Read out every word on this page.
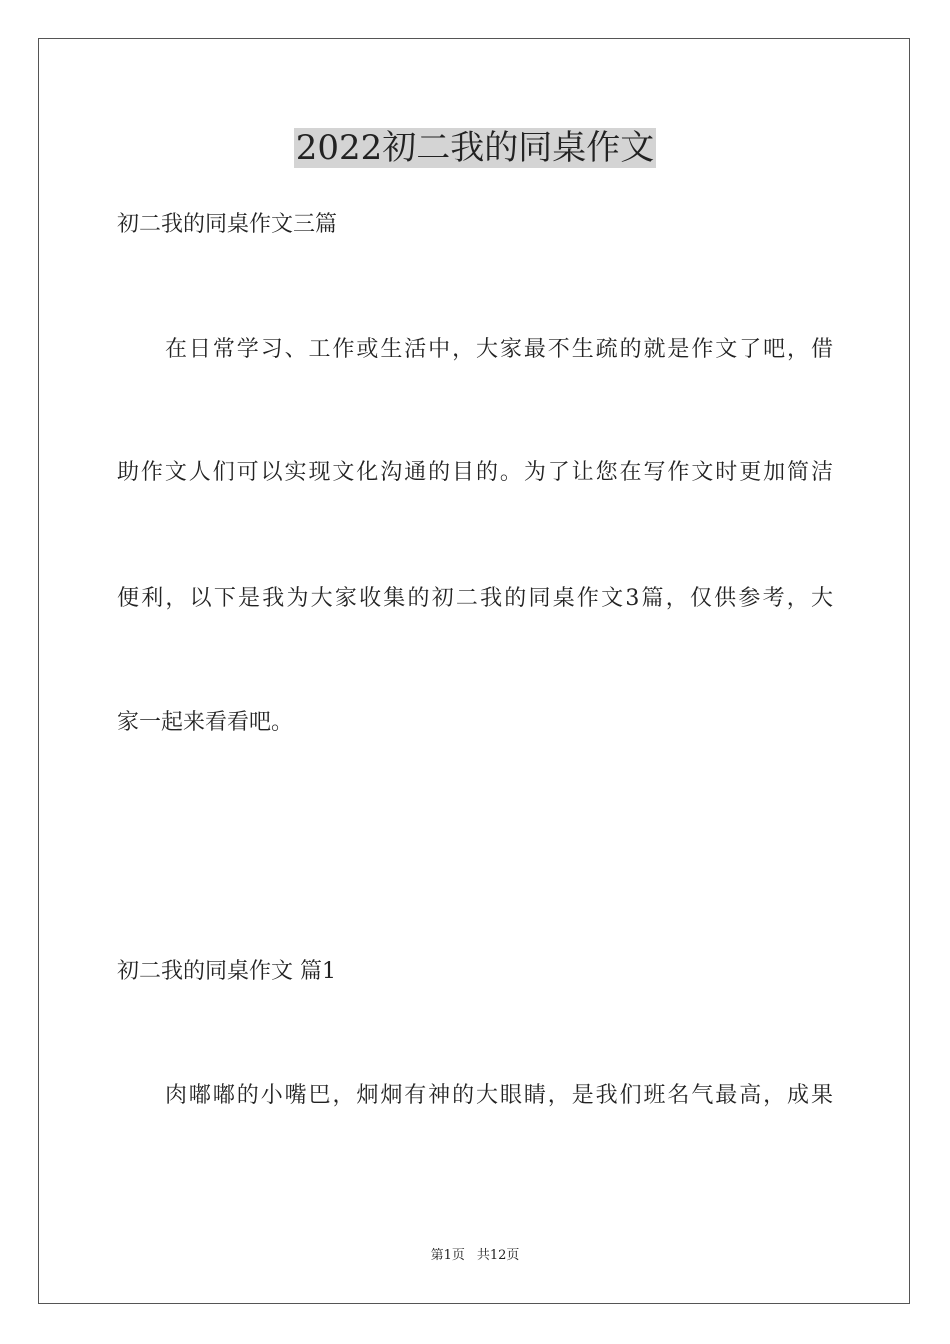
2022初二我的同桌作文
初二我的同桌作文三篇
在日常学习、工作或生活中，大家最不生疏的就是作文了吧，借
助作文人们可以实现文化沟通的目的。为了让您在写作文时更加简洁
便利，以下是我为大家收集的初二我的同桌作文3篇，仅供参考，大
家一起来看看吧。
初二我的同桌作文 篇1
肉嘟嘟的小嘴巴，炯炯有神的大眼睛，是我们班名气最高，成果
第1页 共12页
